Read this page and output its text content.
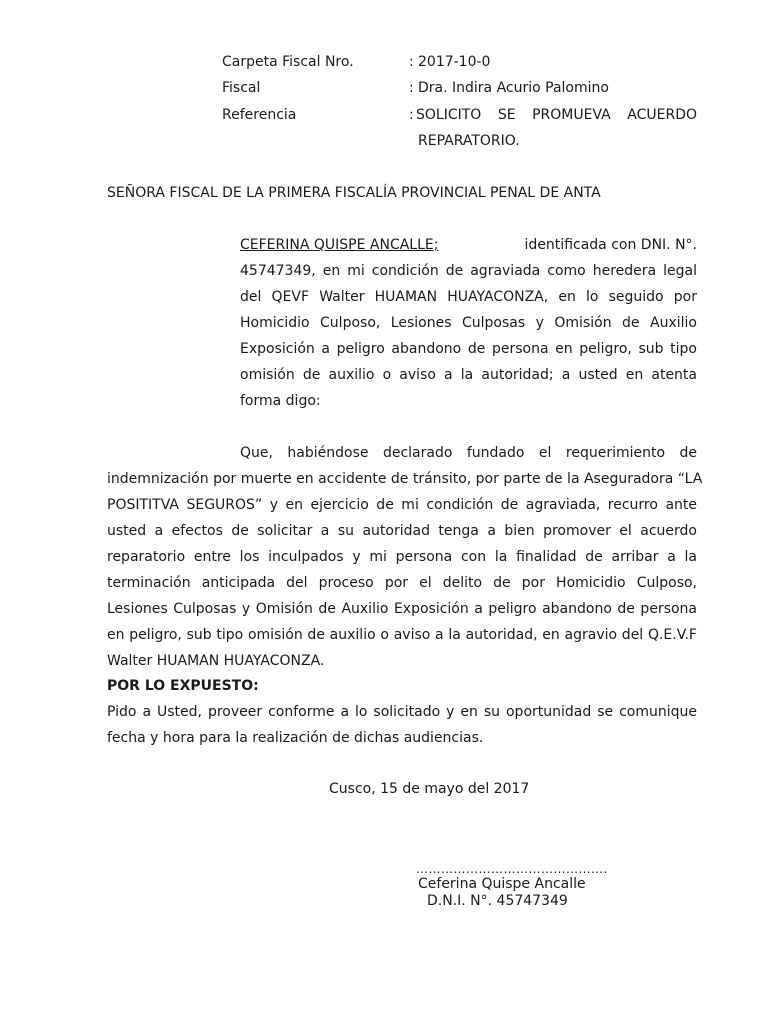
Carpeta Fiscal Nro.	: 2017-10-0
Fiscal	: Dra. Indira Acurio Palomino
Referencia	: SOLICITO SE PROMUEVA ACUERDO
REPARATORIO.
SEÑORA FISCAL DE LA PRIMERA FISCALÍA PROVINCIAL PENAL DE ANTA
CEFERINA QUISPE ANCALLE;	identificada con DNI. N°.
45747349, en mi condición de agraviada como heredera legal
del QEVF Walter HUAMAN HUAYACONZA, en lo seguido por
Homicidio Culposo, Lesiones Culposas y Omisión de Auxilio
Exposición a peligro abandono de persona en peligro, sub tipo
omisión de auxilio o aviso a la autoridad; a usted en atenta
forma digo:
Que, habiéndose declarado fundado el requerimiento de
indemnización por muerte en accidente de tránsito, por parte de la Aseguradora “LA
POSITITVA SEGUROS” y en ejercicio de mi condición de agraviada, recurro ante
usted a efectos de solicitar a su autoridad tenga a bien promover el acuerdo
reparatorio entre los inculpados y mi persona con la finalidad de arribar a la
terminación anticipada del proceso por el delito de por Homicidio Culposo,
Lesiones Culposas y Omisión de Auxilio Exposición a peligro abandono de persona
en peligro, sub tipo omisión de auxilio o aviso a la autoridad, en agravio del Q.E.V.F
Walter HUAMAN HUAYACONZA.
POR LO EXPUESTO:
Pido a Usted, proveer conforme a lo solicitado y en su oportunidad se comunique
fecha y hora para la realización de dichas audiencias.
Cusco, 15 de mayo del 2017
……………………………………….
Ceferina Quispe Ancalle
D.N.I. N°. 45747349
